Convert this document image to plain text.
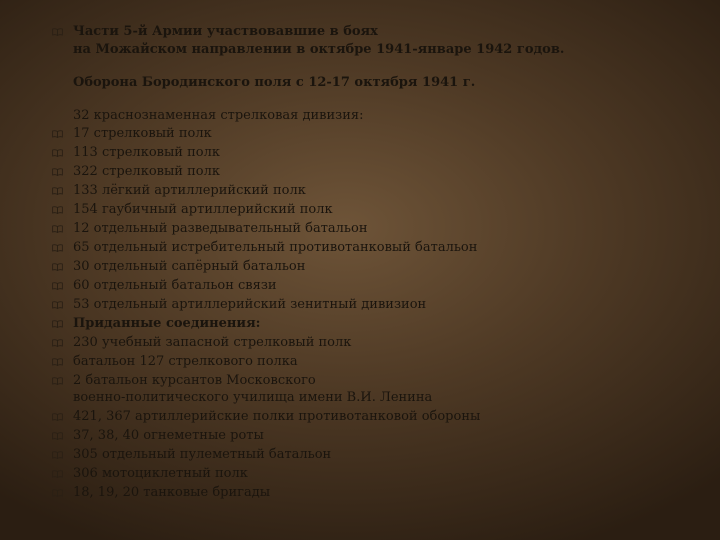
Части 5-й Армии участвовавшие в боях
на Можайском направлении в октябре 1941-январе 1942 годов.
Оборона Бородинского поля с 12-17 октября 1941 г.
32 краснознаменная стрелковая дивизия:
17 стрелковый полк
113 стрелковый полк
322 стрелковый полк
133 лёгкий артиллерийский полк
154 гаубичный артиллерийский полк
12 отдельный разведывательный батальон
65 отдельный истребительный противотанковый батальон
30 отдельный сапёрный батальон
60 отдельный батальон связи
53 отдельный артиллерийский зенитный дивизион
Приданные соединения:
230 учебный запасной стрелковый полк
батальон 127 стрелкового полка
2 батальон курсантов Московского
военно-политического училища имени В.И. Ленина
421, 367 артиллерийские полки противотанковой обороны
37, 38, 40 огнеметные роты
305 отдельный пулеметный батальон
306 мотоциклетный полк
18, 19, 20 танковые бригады
